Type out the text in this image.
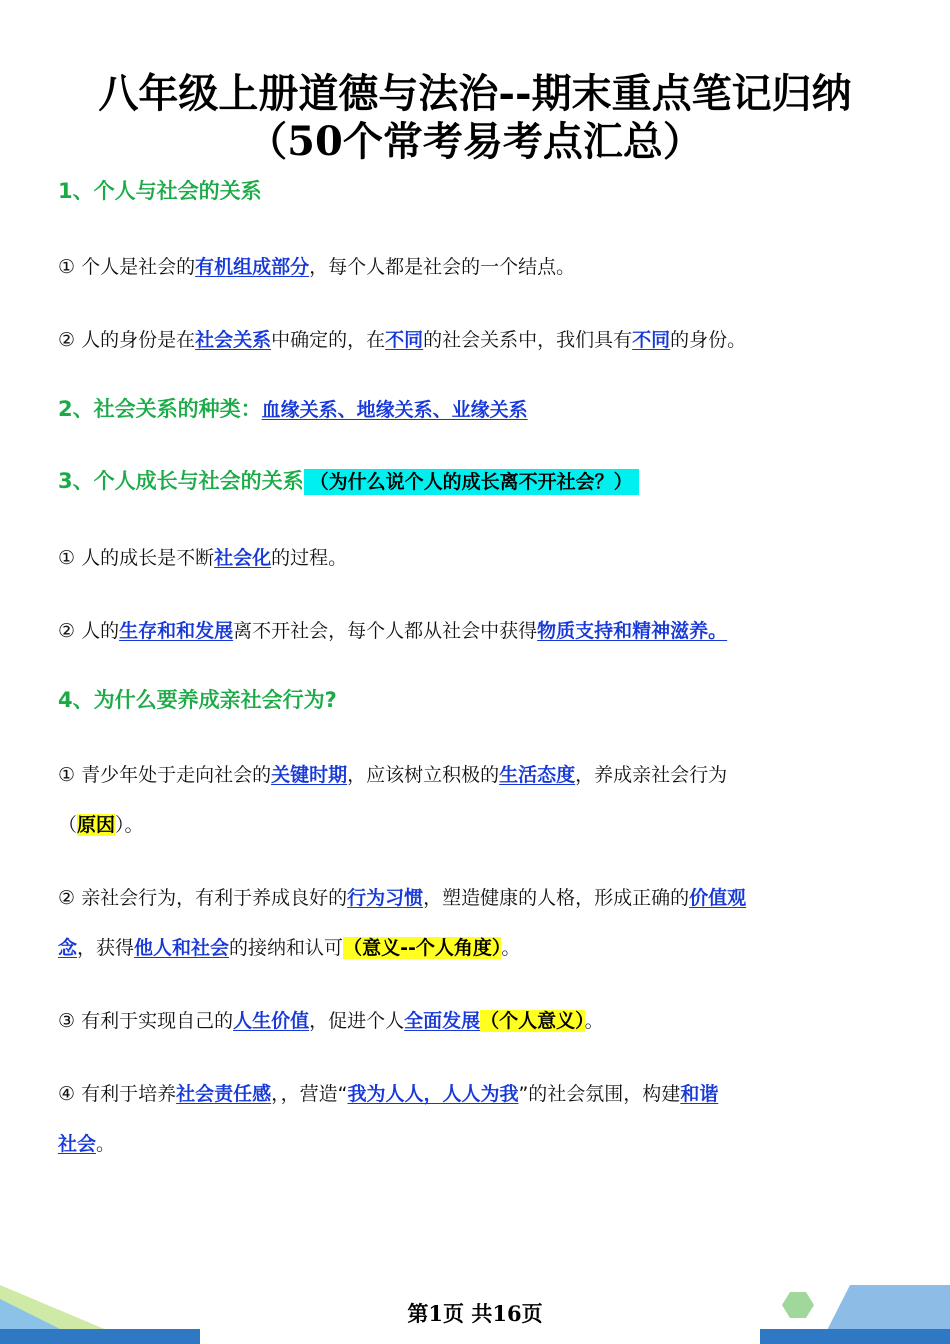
八年级上册道德与法治--期末重点笔记归纳
（50个常考易考点汇总）
1、个人与社会的关系
① 个人是社会的有机组成部分，每个人都是社会的一个结点。
② 人的身份是在社会关系中确定的，在不同的社会关系中，我们具有不同的身份。
2、社会关系的种类：血缘关系、地缘关系、业缘关系
3、个人成长与社会的关系 （为什么说个人的成长离不开社会？）
① 人的成长是不断社会化的过程。
② 人的生存和和发展离不开社会，每个人都从社会中获得物质支持和精神滋养。
4、为什么要养成亲社会行为?
① 青少年处于走向社会的关键时期，应该树立积极的生活态度，养成亲社会行为
（原因）。
② 亲社会行为，有利于养成良好的行为习惯，塑造健康的人格，形成正确的价值观
念，获得他人和社会的接纳和认可（意义--个人角度）。
③ 有利于实现自己的人生价值，促进个人全面发展（个人意义）。
④ 有利于培养社会责任感，，营造“我为人人，人人为我”的社会氛围，构建和谐
社会。
第1页 共16页
